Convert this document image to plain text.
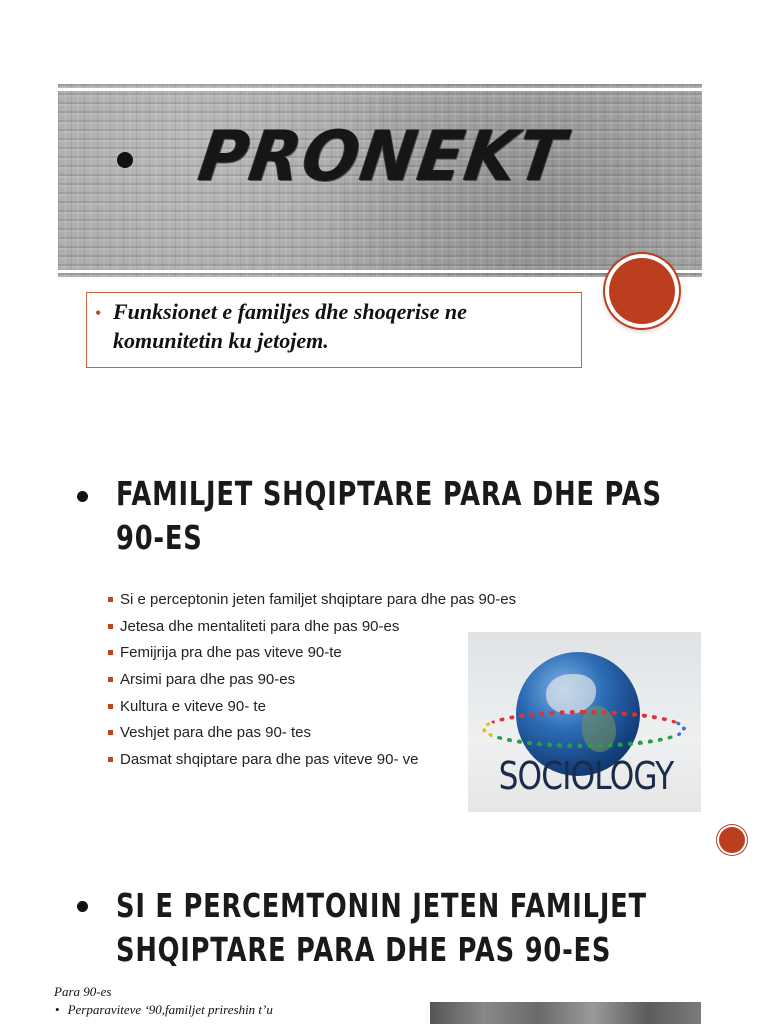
PRONEKT
• Funksionet e familjes dhe shoqerise ne komunitetin ku jetojem.
FAMILJET SHQIPTARE PARA DHE PAS 90-ES
Si e perceptonin jeten familjet shqiptare para dhe pas 90-es
Jetesa dhe mentaliteti para dhe pas 90-es
Femijrija pra dhe pas viteve 90-te
Arsimi para dhe pas 90-es
Kultura e viteve 90- te
Veshjet para dhe pas 90- tes
Dasmat shqiptare para dhe pas viteve 90- ve	SOCIOLOGY
SI E PERCEMTONIN JETEN FAMILJET SHQIPTARE PARA DHE PAS 90-ES
Para 90-es
• Perparaviteve ‘90,familjet prireshin t’u
